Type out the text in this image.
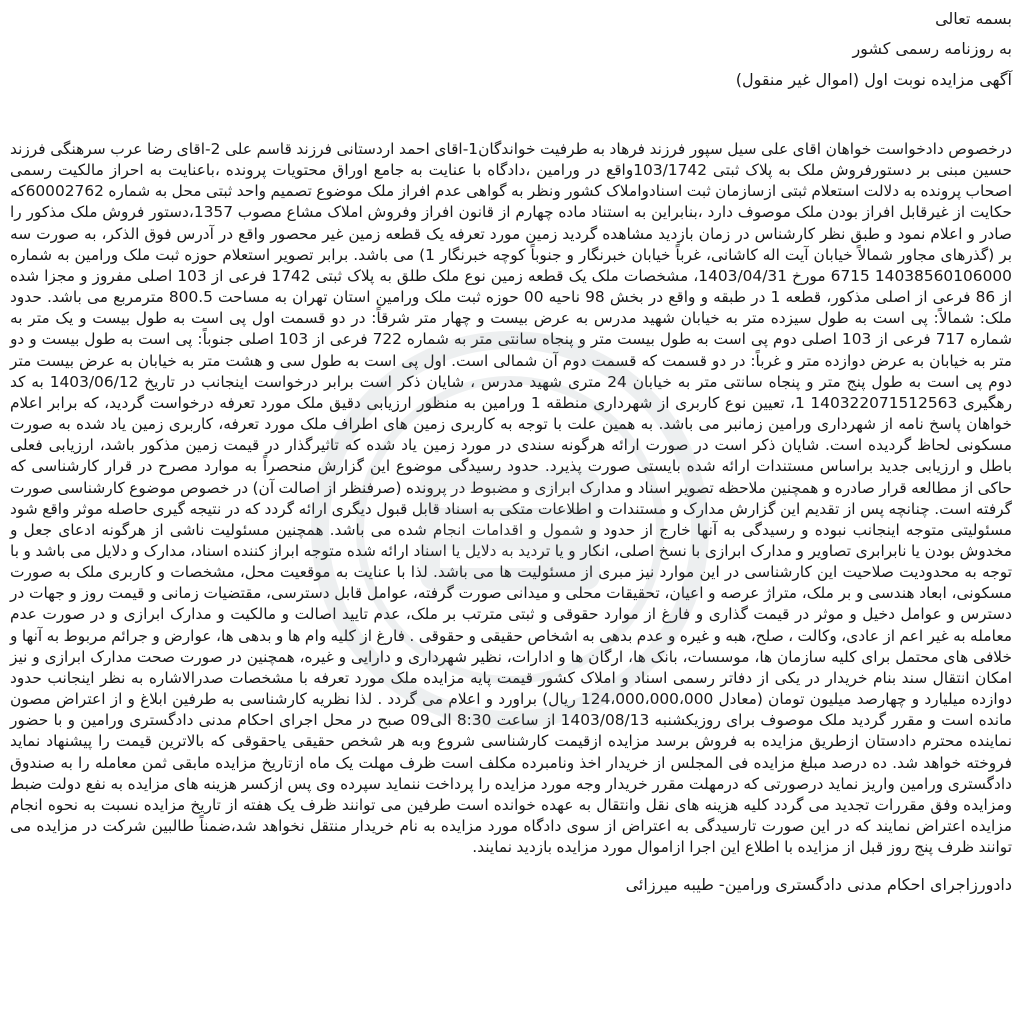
بسمه تعالی

به روزنامه رسمی کشور

آگهی مزایده نوبت اول (اموال غیر منقول)

درخصوص دادخواست خواهان اقای علی سیل سپور فرزند فرهاد به طرفیت خواندگان1-اقای احمد اردستانی فرزند قاسم علی 2-اقای رضا عرب سرهنگی فرزند حسین مبنی بر دستورفروش ملک به پلاک ثبتی 103/1742واقع در ورامین ،دادگاه با عنایت به جامع اوراق محتویات پرونده ،باعنایت به احراز مالکیت رسمی اصحاب پرونده به دلالت استعلام ثبتی ازسازمان ثبت اسنادواملاک کشور ونظر به گواهی عدم افراز ملک موضوع تصمیم واحد ثبتی محل به شماره 60002762که حکایت از غیرقابل افراز بودن ملک موصوف دارد ،بنابراین به استناد ماده چهارم از قانون افراز وفروش املاک مشاع مصوب 1357،دستور فروش ملک مذکور را صادر و اعلام نمود و طبق نظر کارشناس در زمان بازدید مشاهده گردید زمین مورد تعرفه یک قطعه زمین غیر محصور واقع در آدرس فوق الذکر، به صورت سه بر (گذرهای مجاور شمالاً خیابان آیت اله کاشانی، غرباً خیابان خبرنگار و جنوباً کوچه خبرنگار 1) می باشد. برابر تصویر استعلام حوزه ثبت ملک ورامین به شماره 14038560106000 6715 مورخ 1403/04/31، مشخصات ملک یک قطعه زمین نوع ملک طلق به پلاک ثبتی 1742 فرعی از 103 اصلی مفروز و مجزا شده از 86 فرعی از اصلی مذکور، قطعه 1 در طبقه و واقع در بخش 98 ناحیه 00 حوزه ثبت ملک ورامین استان تهران به مساحت 800.5 مترمربع می باشد. حدود ملک: شمالاً: پی است به طول سیزده متر به خیابان شهید مدرس به عرض بیست و چهار متر شرقاً: در دو قسمت اول پی است به طول بیست و یک متر به شماره 717 فرعی از 103 اصلی دوم پی است به طول بیست متر و پنجاه سانتی متر به شماره 722 فرعی از 103 اصلی جنوباً: پی است به طول بیست و دو متر به خیابان به عرض دوازده متر و غرباً: در دو قسمت که قسمت دوم آن شمالی است. اول پی است به طول سی و هشت متر به خیابان به عرض بیست متر دوم پی است به طول پنج متر و پنجاه سانتی متر به خیابان 24 متری شهید مدرس ، شایان ذکر است برابر درخواست اینجانب در تاریخ 1403/06/12 به کد رهگیری 140322071512563 1، تعیین نوع کاربری از شهرداری منطقه 1 ورامین به منظور ارزیابی دقیق ملک مورد تعرفه درخواست گردید، که برابر اعلام خواهان پاسخ نامه از شهرداری ورامین زمانبر می باشد. به همین علت با توجه به کاربری زمین های اطراف ملک مورد تعرفه، کاربری زمین یاد شده به صورت مسکونی لحاظ گردیده است. شایان ذکر است در صورت ارائه هرگونه سندی در مورد زمین یاد شده که تاثیرگذار در قیمت زمین مذکور باشد، ارزیابی فعلی باطل و ارزیابی جدید براساس مستندات ارائه شده بایستی صورت پذیرد. حدود رسیدگی موضوع این گزارش منحصراً به موارد مصرح در قرار کارشناسی که حاکی از مطالعه قرار صادره و همچنین ملاحظه تصویر اسناد و مدارک ابرازی و مضبوط در پرونده (صرفنظر از اصالت آن) در خصوص موضوع کارشناسی صورت گرفته است. چنانچه پس از تقدیم این گزارش مدارک و مستندات و اطلاعات متکی به اسناد قابل قبول دیگری ارائه گردد که در نتیجه گیری حاصله موثر واقع شود مسئولیتی متوجه اینجانب نبوده و رسیدگی به آنها خارج از حدود و شمول و اقدامات انجام شده می باشد. همچنین مسئولیت ناشی از هرگونه ادعای جعل و مخدوش بودن یا نابرابری تصاویر و مدارک ابرازی با نسخ اصلی، انکار و یا تردید به دلایل یا اسناد ارائه شده متوجه ابراز کننده اسناد، مدارک و دلایل می باشد و با توجه به محدودیت صلاحیت این کارشناسی در این موارد نیز مبری از مسئولیت ها می باشد. لذا با عنایت به موقعیت محل، مشخصات و کاربری ملک به صورت مسکونی، ابعاد هندسی و بر ملک، متراژ عرصه و اعیان، تحقیقات محلی و میدانی صورت گرفته، عوامل قابل دسترسی، مقتضیات زمانی و قیمت روز و جهات در دسترس و عوامل دخیل و موثر در قیمت گذاری و فارغ از موارد حقوقی و ثبتی مترتب بر ملک، عدم تایید اصالت و مالکیت و مدارک ابرازی و در صورت عدم معامله به غیر اعم از عادی، وکالت ، صلح، هبه و غیره و عدم بدهی به اشخاص حقیقی و حقوقی . فارغ از کلیه وام ها و بدهی ها، عوارض و جرائم مربوط به آنها و خلافی های محتمل برای کلیه سازمان ها، موسسات، بانک ها، ارگان ها و ادارات، نظیر شهرداری و دارایی و غیره، همچنین در صورت صحت مدارک ابرازی و نیز امکان انتقال سند بنام خریدار در یکی از دفاتر رسمی اسناد و املاک کشور قیمت پایه مزایده ملک مورد تعرفه با مشخصات صدرالاشاره به نظر اینجانب حدود دوازده میلیارد و چهارصد میلیون تومان (معادل 124،000،000،000 ریال) براورد و اعلام می گردد . لذا نظریه کارشناسی به طرفین ابلاغ و از اعتراض مصون مانده است و مقرر گردید ملک موصوف برای روزیکشنبه 1403/08/13 از ساعت 8:30 الی09 صبح در محل اجرای احکام مدنی دادگستری ورامین و با حضور نماینده محترم دادستان ازطریق مزایده به فروش برسد مزایده ازقیمت کارشناسی شروع وبه هر شخص حقیقی یاحقوقی که بالاترین قیمت را پیشنهاد نماید فروخته خواهد شد. ده درصد مبلغ مزایده فی المجلس از خریدار اخذ ونامبرده مکلف است ظرف مهلت یک ماه ازتاریخ مزایده مابقی ثمن معامله را به صندوق دادگستری ورامین واریز نماید درصورتی که درمهلت مقرر خریدار وجه مورد مزایده را پرداخت ننماید سپرده وی پس ازکسر هزینه های مزایده به نفع دولت ضبط ومزایده وفق مقررات تجدید می گردد کلیه هزینه های نقل وانتقال به عهده خوانده است طرفین می توانند ظرف یک هفته از تاریخ مزایده نسبت به نحوه انجام مزایده اعتراض نمایند که در این صورت تارسیدگی به اعتراض از سوی دادگاه مورد مزایده به نام خریدار منتقل نخواهد شد،ضمناً طالبین شرکت در مزایده می توانند ظرف پنج روز قبل از مزایده با اطلاع این اجرا ازاموال مورد مزایده بازدید نمایند.

دادورزاجرای احکام مدنی دادگستری ورامین- طیبه میرزائی
